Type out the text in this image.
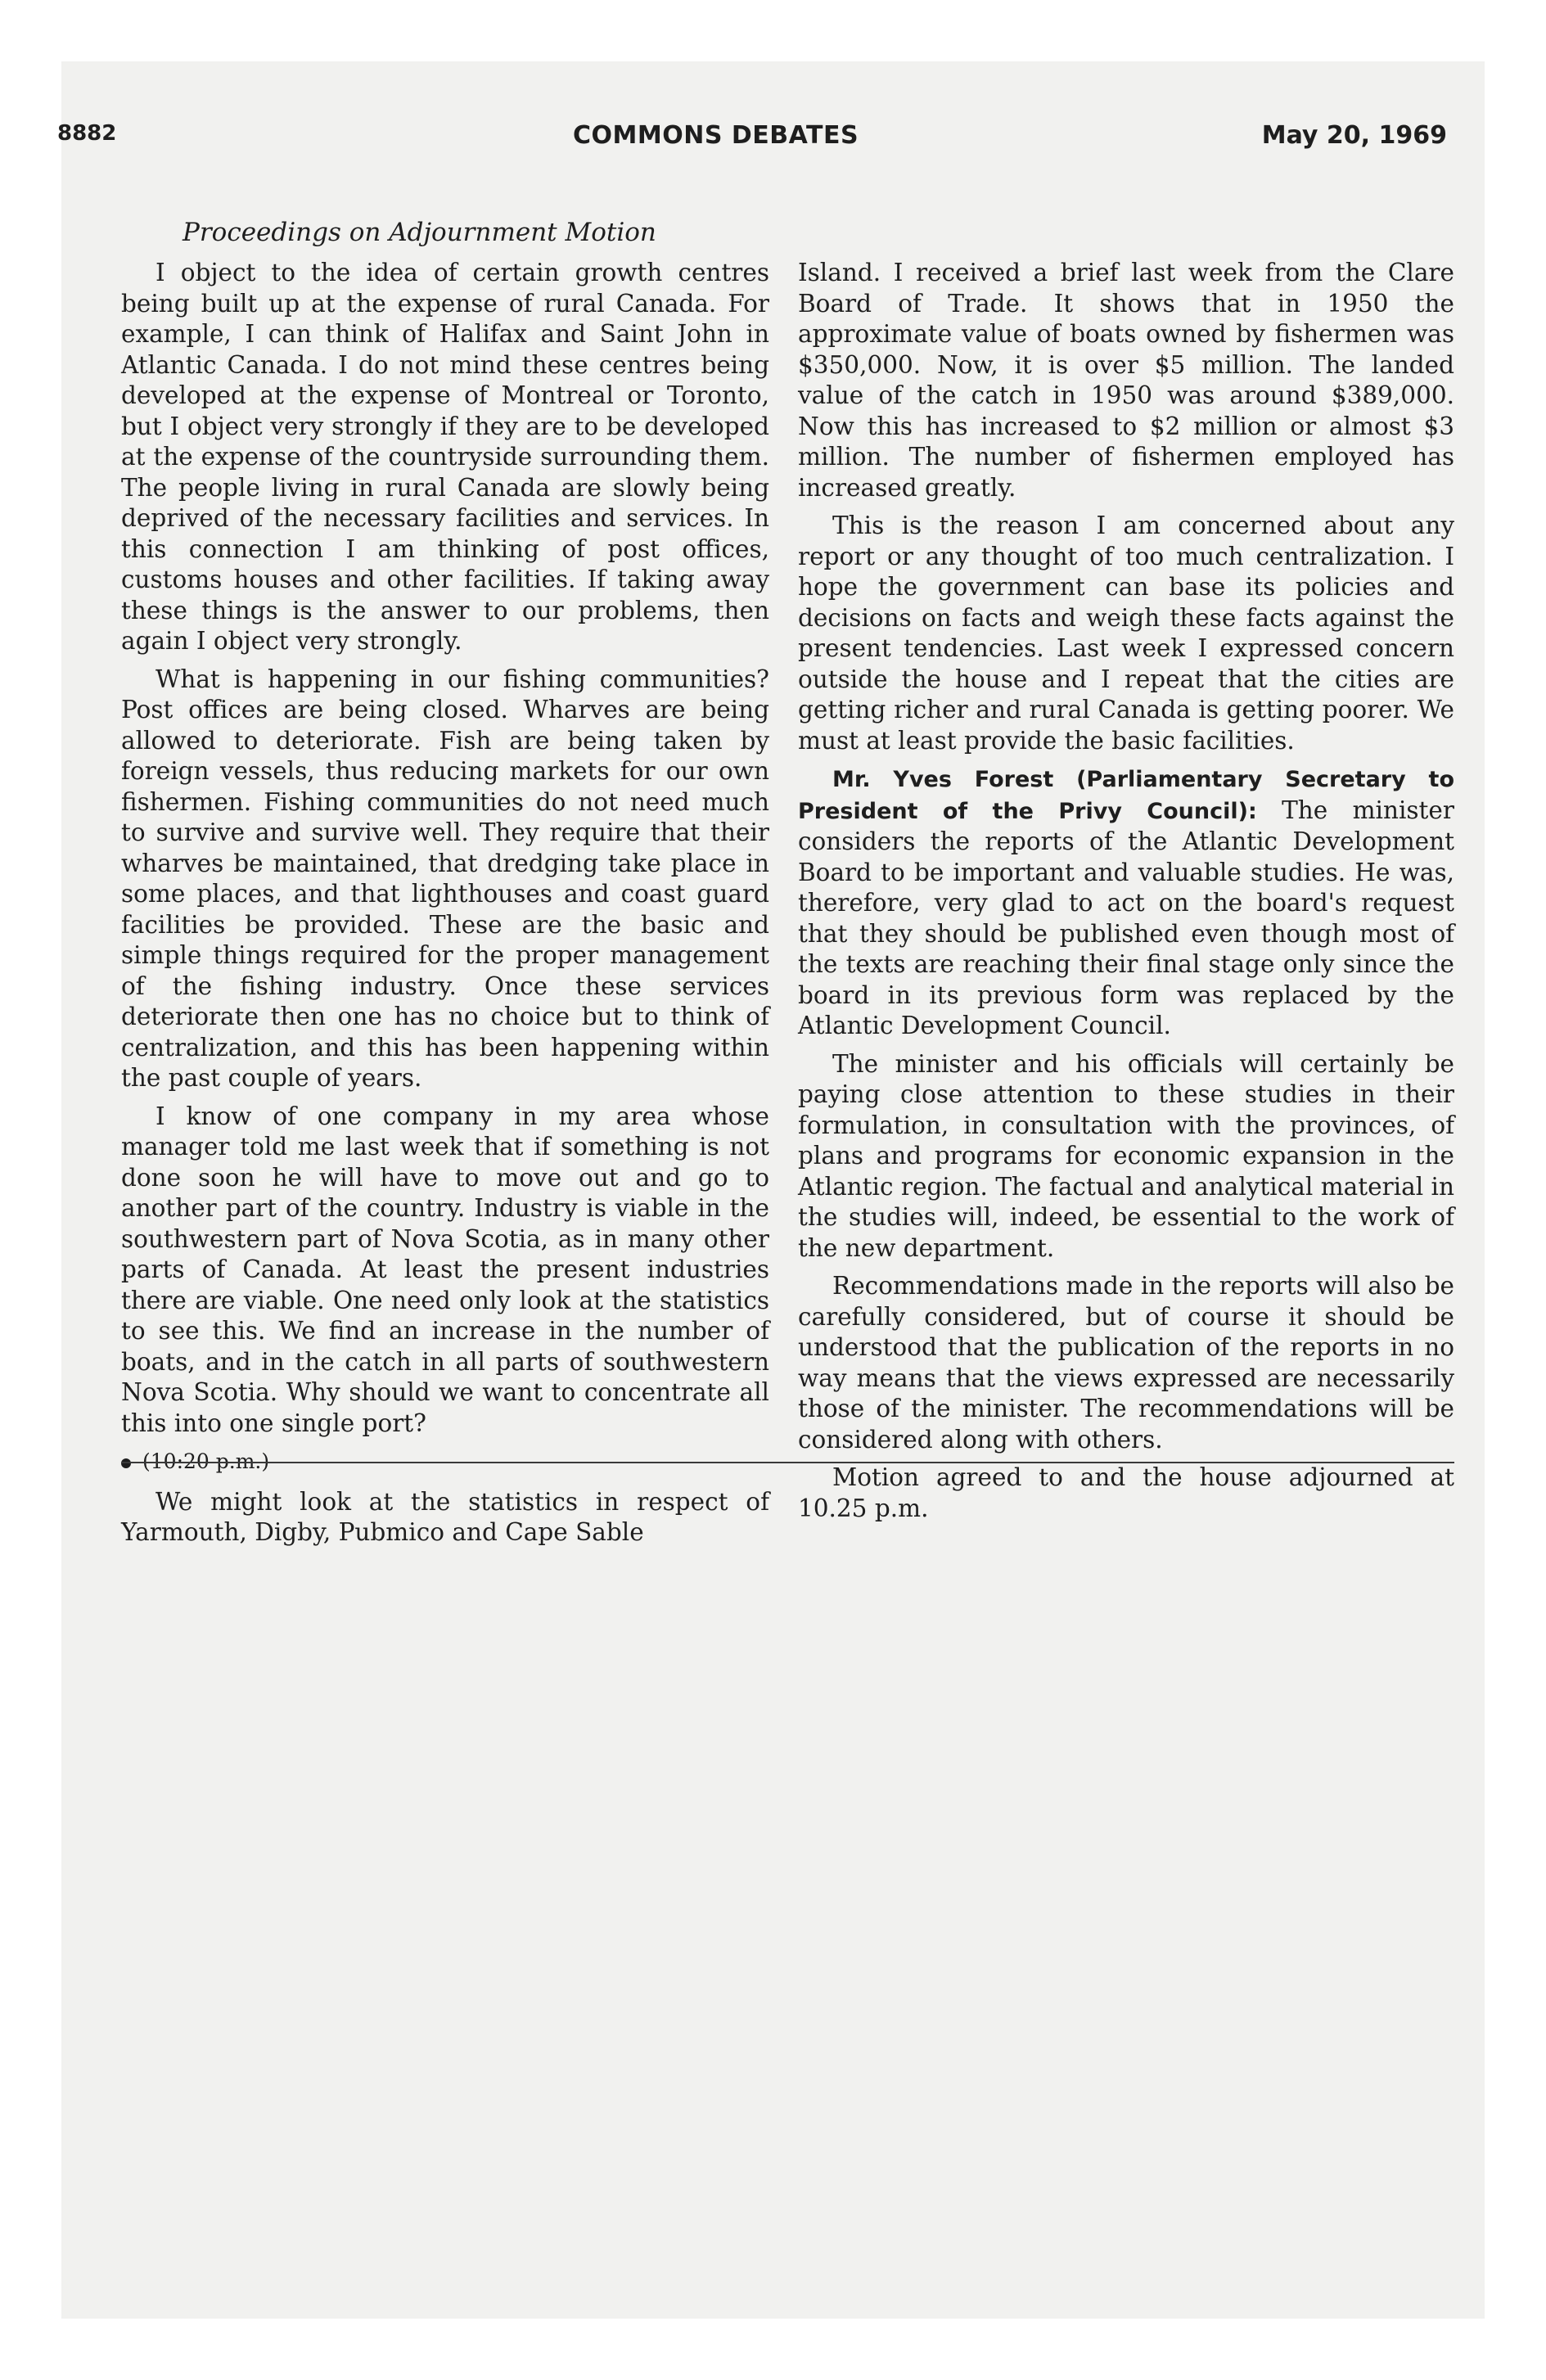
8882	COMMONS DEBATES	May 20, 1969
Proceedings on Adjournment Motion

I object to the idea of certain growth centres being built up at the expense of rural Canada. For example, I can think of Halifax and Saint John in Atlantic Canada. I do not mind these centres being developed at the expense of Montreal or Toronto, but I object very strongly if they are to be developed at the expense of the countryside surrounding them. The people living in rural Canada are slowly being deprived of the necessary facilities and services. In this connection I am thinking of post offices, customs houses and other facilities. If taking away these things is the answer to our problems, then again I object very strongly.

What is happening in our fishing communities? Post offices are being closed. Wharves are being allowed to deteriorate. Fish are being taken by foreign vessels, thus reducing markets for our own fishermen. Fishing communities do not need much to survive and survive well. They require that their wharves be maintained, that dredging take place in some places, and that lighthouses and coast guard facilities be provided. These are the basic and simple things required for the proper management of the fishing industry. Once these services deteriorate then one has no choice but to think of centralization, and this has been happening within the past couple of years.

I know of one company in my area whose manager told me last week that if something is not done soon he will have to move out and go to another part of the country. Industry is viable in the southwestern part of Nova Scotia, as in many other parts of Canada. At least the present industries there are viable. One need only look at the statistics to see this. We find an increase in the number of boats, and in the catch in all parts of southwestern Nova Scotia. Why should we want to concentrate all this into one single port?

(10:20 p.m.)

We might look at the statistics in respect of Yarmouth, Digby, Pubmico and Cape Sable

Island. I received a brief last week from the Clare Board of Trade. It shows that in 1950 the approximate value of boats owned by fishermen was $350,000. Now, it is over $5 million. The landed value of the catch in 1950 was around $389,000. Now this has increased to $2 million or almost $3 million. The number of fishermen employed has increased greatly.

This is the reason I am concerned about any report or any thought of too much centralization. I hope the government can base its policies and decisions on facts and weigh these facts against the present tendencies. Last week I expressed concern outside the house and I repeat that the cities are getting richer and rural Canada is getting poorer. We must at least provide the basic facilities.

Mr. Yves Forest (Parliamentary Secretary to President of the Privy Council): The minister considers the reports of the Atlantic Development Board to be important and valuable studies. He was, therefore, very glad to act on the board's request that they should be published even though most of the texts are reaching their final stage only since the board in its previous form was replaced by the Atlantic Development Council.

The minister and his officials will certainly be paying close attention to these studies in their formulation, in consultation with the provinces, of plans and programs for economic expansion in the Atlantic region. The factual and analytical material in the studies will, indeed, be essential to the work of the new department.

Recommendations made in the reports will also be carefully considered, but of course it should be understood that the publication of the reports in no way means that the views expressed are necessarily those of the minister. The recommendations will be considered along with others.

Motion agreed to and the house adjourned at 10.25 p.m.
